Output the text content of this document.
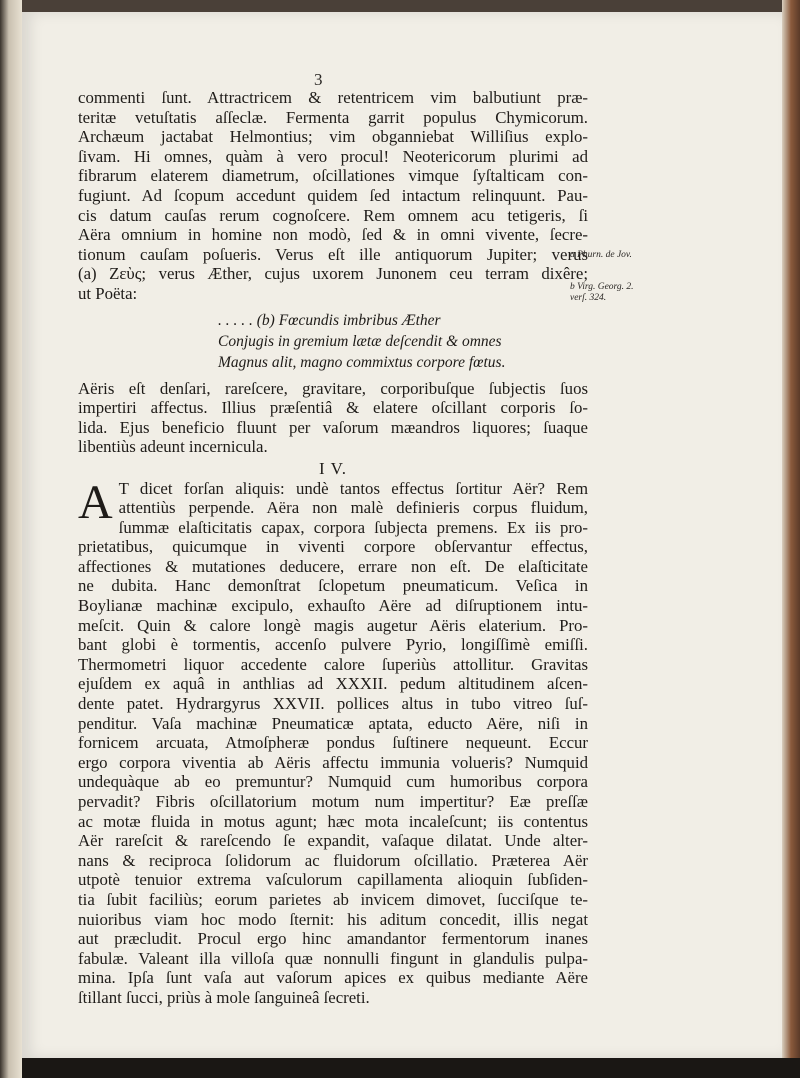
3

commenti ſunt. Attractricem & retentricem vim balbutiunt præ-
teritæ vetuſtatis aſſeclæ. Fermenta garrit populus Chymicorum.
Archæum jactabat Helmontius; vim obganniebat Williſius explo-
ſivam. Hi omnes, quàm à vero procul! Neotericorum plurimi ad
fibrarum elaterem diametrum, oſcillationes vimque ſyſtalticam con-
fugiunt. Ad ſcopum accedunt quidem ſed intactum relinquunt. Pau-
cis datum cauſas rerum cognoſcere. Rem omnem acu tetigeris, ſi
Aëra omnium in homine non modò, ſed & in omni vivente, ſecre-
tionum cauſam poſueris. Verus eſt ille antiquorum Jupiter; verus
(a) Ζεὺς; verus Æther, cujus uxorem Junonem ceu terram dixêre;
ut Poëta:

. . . . . (b) Fœcundis imbribus Æther
Conjugis in gremium lætæ deſcendit & omnes
Magnus alit, magno commixtus corpore fœtus.

Aëris eſt denſari, rareſcere, gravitare, corporibuſque ſubjectis ſuos
impertiri affectus. Illius præſentiâ & elatere oſcillant corporis ſo-
lida. Ejus beneficio fluunt per vaſorum mæandros liquores; ſuaque
libentiùs adeunt incernicula.

I V.

A T dicet forſan aliquis: undè tantos effectus ſortitur Aër? Rem
attentiùs perpende. Aëra non malè definieris corpus fluidum,
ſummæ elaſticitatis capax, corpora ſubjecta premens. Ex iis pro-
prietatibus, quicumque in viventi corpore obſervantur effectus,
affectiones & mutationes deducere, errare non eſt. De elaſticitate
ne dubita. Hanc demonſtrat ſclopetum pneumaticum. Veſica in
Boylianæ machinæ excipulo, exhauſto Aëre ad diſruptionem intu-
meſcit. Quin & calore longè magis augetur Aëris elaterium. Pro-
bant globi è tormentis, accenſo pulvere Pyrio, longiſſimè emiſſi.
Thermometri liquor accedente calore ſuperiùs attollitur. Gravitas
ejuſdem ex aquâ in anthlias ad XXXII. pedum altitudinem aſcen-
dente patet. Hydrargyrus XXVII. pollices altus in tubo vitreo ſuſ-
penditur. Vaſa machinæ Pneumaticæ aptata, educto Aëre, niſi in
fornicem arcuata, Atmoſpheræ pondus ſuſtinere nequeunt. Eccur
ergo corpora viventia ab Aëris affectu immunia volueris? Numquid
undequàque ab eo premuntur? Numquid cum humoribus corpora
pervadit? Fibris oſcillatorium motum num impertitur? Eæ preſſæ
ac motæ fluida in motus agunt; hæc mota incaleſcunt; iis contentus
Aër rareſcit & rareſcendo ſe expandit, vaſaque dilatat. Unde alter-
nans & reciproca ſolidorum ac fluidorum oſcillatio. Præterea Aër
utpotè tenuior extrema vaſculorum capillamenta alioquin ſubſiden-
tia ſubit faciliùs; eorum parietes ab invicem dimovet, ſucciſque te-
nuioribus viam hoc modo ſternit: his aditum concedit, illis negat
aut præcludit. Procul ergo hinc amandantor fermentorum inanes
fabulæ. Valeant illa villoſa quæ nonnulli fingunt in glandulis pulpa-
mina. Ipſa ſunt vaſa aut vaſorum apices ex quibus mediante Aëre
ſtillant ſucci, priùs à mole ſanguineâ ſecreti.

a Phurn. de Jov.
b Virg. Georg. 2.
verſ. 324.
